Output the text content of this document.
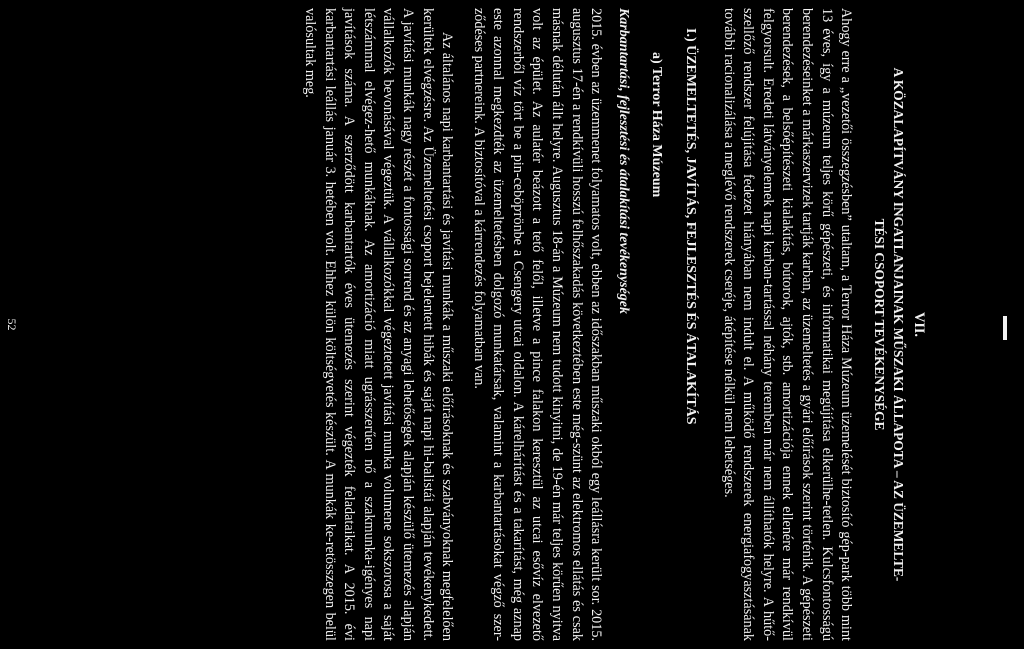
VII.
A KÖZALAPÍTVÁNY INGATLANJAINAK MŰSZAKI ÁLLAPOTA – AZ ÜZEMELTE-
TÉSI CSOPORT TEVÉKENYSÉGE

Ahogy erre a „vezetői összegzésben” utaltam, a Terror Háza Múzeum üzemelését biztosító gép-park több mint 13 éves, így a múzeum teljes körű gépészeti, és informatikai megújítása elkerülhe-tetlen. Kulcsfontosságú berendezéseinket a márkaszervizek tartják karban, az üzemeltetés a gyári előírások szerint történik. A gépészeti berendezések, a belsőépítészeti kialakítás, bútorok, ajtók, stb. amortizációja ennek ellenére már rendkívül felgyorsult. Eredeti látványelemek napi karban-tartással néhány teremben már nem állíthatók helyre. A hűtő-szellőző rendszer felújítása fedezet hiányában nem indult el. A működő rendszerek energiafogyasztásának további racionalizálása a meglévő rendszerek cseréje, átépítése nélkül nem lehetséges.

I.) ÜZEMELTETÉS, JAVÍTÁS, FEJLESZTÉS ÉS ÁTALAKÍTÁS
a) Terror Háza Múzeum
Karbantartási, fejlesztési és átalakítási tevékenységek

2015. évben az üzemmenet folyamatos volt, ebben az időszakban műszaki okból egy leállásra került sor. 2015. augusztus 17-én a rendkívüli hosszú felhőszakadás következtében este még-szünt az elektromos ellátás és csak másnak délután állt helyre. Augusztus 18-án a Múzeum nem tudott kinyitni, de 19-én már teljes körűen nyitva volt az épület. Az aulatér beázott a tető felől, illetve a pince falakon keresztül az utcai esővíz elvezető rendszerből víz tört be a pin-ceböртönbe a Csengery utcai oldalon. A kárelhárítást és a takarítást, még aznap este azonnal megkezdték az üzemeltetésben dolgozó munkatársak, valamint a karbantartásokat végző szer-ződéses partnereink. A biztosítóval a kárrendezés folyamatban van.

Az általános napi karbantartási és javítási munkák a műszaki előírásoknak és szabványoknak megfelelően kerültek elvégzésre. Az Üzemeltetési csoport bejelentett hibák és saját napi hi-balistái alapján tevékenykedett. A javítási munkák nagy részét a fontossági sorrend és az anyagi lehetőségek alapján készülő ütemezés alapján vállalkozók bevonásával végeztük. A vállalkozókkal végeztetett javítási munka volumene sokszorosa a saját létszámmal elvégez-hető munkáknak. Az amortizáció miatt ugrásszerűen nő a szakmunka-igényes napi javítások száma. A szerződött karbantartók éves ütemezés szerint végezték feladataikat. A 2015. évi karbantartási leállás január 3. hetében volt. Ehhez külön költségvetés készült. A munkák ke-retösszegen belül valósultak meg.

52
